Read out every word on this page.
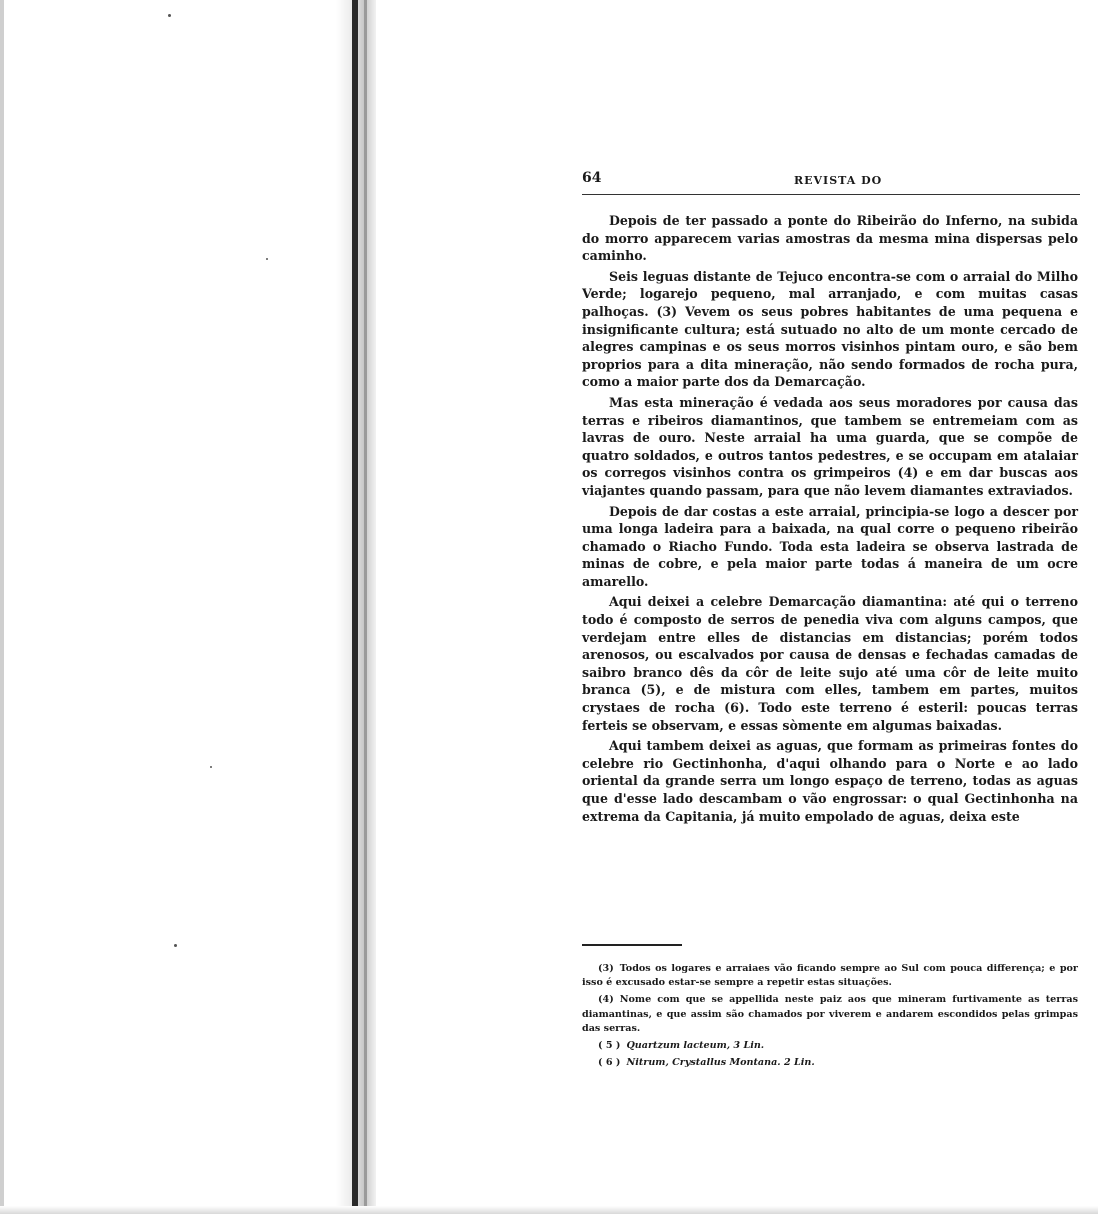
64	REVISTA DO

Depois de ter passado a ponte do Ribeirão do Inferno, na subida do morro apparecem varias amostras da mesma mina dispersas pelo caminho.

Seis leguas distante de Tejuco encontra-se com o arraial do Milho Verde; logarejo pequeno, mal arranjado, e com muitas casas palhoças. (3) Vevem os seus pobres habitantes de uma pequena e insignificante cultura; está sutuado no alto de um monte cercado de alegres campinas e os seus morros visinhos pintam ouro, e são bem proprios para a dita mineração, não sendo formados de rocha pura, como a maior parte dos da Demarcação.

Mas esta mineração é vedada aos seus moradores por causa das terras e ribeiros diamantinos, que tambem se entremeiam com as lavras de ouro. Neste arraial ha uma guarda, que se compõe de quatro soldados, e outros tantos pedestres, e se occupam em atalaiar os corregos visinhos contra os grimpeiros (4) e em dar buscas aos viajantes quando passam, para que não levem diamantes extraviados.

Depois de dar costas a este arraial, principia-se logo a descer por uma longa ladeira para a baixada, na qual corre o pequeno ribeirão chamado o Riacho Fundo. Toda esta ladeira se observa lastrada de minas de cobre, e pela maior parte todas á maneira de um ocre amarello.

Aqui deixei a celebre Demarcação diamantina: até qui o terreno todo é composto de serros de penedia viva com alguns campos, que verdejam entre elles de distancias em distancias; porém todos arenosos, ou escalvados por causa de densas e fechadas camadas de saibro branco dês da côr de leite sujo até uma côr de leite muito branca (5), e de mistura com elles, tambem em partes, muitos crystaes de rocha (6). Todo este terreno é esteril: poucas terras ferteis se observam, e essas sòmente em algumas baixadas.

Aqui tambem deixei as aguas, que formam as primeiras fontes do celebre rio Gectinhonha, d'aqui olhando para o Norte e ao lado oriental da grande serra um longo espaço de terreno, todas as aguas que d'esse lado descambam o vão engrossar: o qual Gectinhonha na extrema da Capitania, já muito empolado de aguas, deixa este

(3) Todos os logares e arraiaes vão ficando sempre ao Sul com pouca differença; e por isso é excusado estar-se sempre a repetir estas situações.

(4) Nome com que se appellida neste paiz aos que mineram furtivamente as terras diamantinas, e que assim são chamados por viverem e andarem escondidos pelas grimpas das serras.

( 5 ) Quartzum lacteum, 3 Lin.

( 6 ) Nitrum, Crystallus Montana. 2 Lin.
